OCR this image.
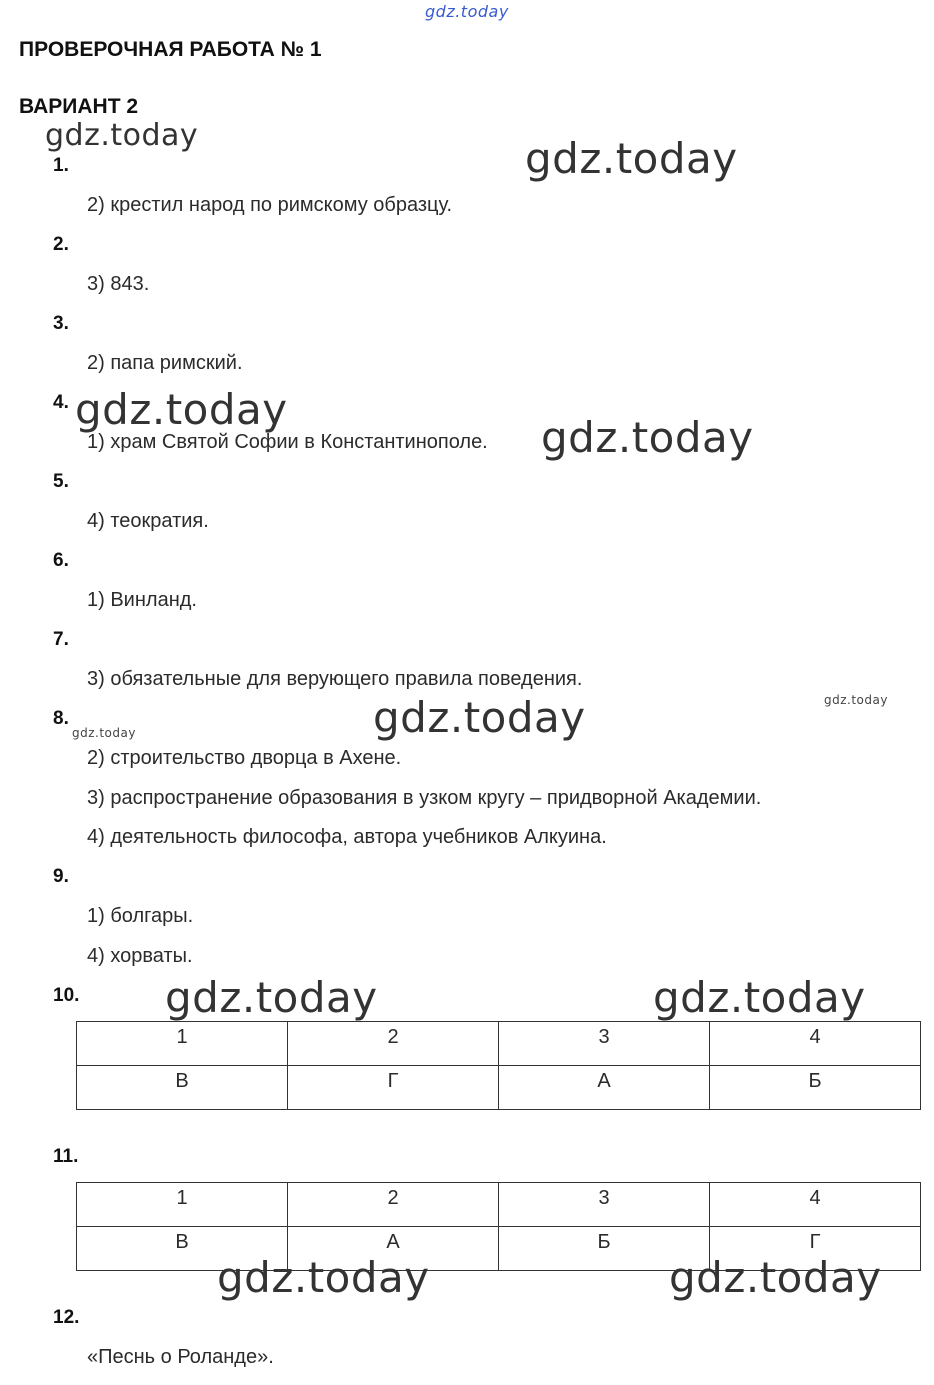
ПРОВЕРОЧНАЯ РАБОТА № 1
ВАРИАНТ 2
1.
2) крестил народ по римскому образцу.
2.
3) 843.
3.
2) папа римский.
4.
1) храм Святой Софии в Константинополе.
5.
4) теократия.
6.
1) Винланд.
7.
3) обязательные для верующего правила поведения.
8.
2) строительство дворца в Ахене.
3) распространение образования в узком кругу – придворной Академии.
4) деятельность философа, автора учебников Алкуина.
9.
1) болгары.
4) хорваты.
10.
1	2	3	4
В	Г	А	Б
11.
1	2	3	4
В	А	Б	Г
12.
«Песнь о Роланде».
gdz.today
gdz.today	gdz.today
gdz.today
gdz.today
gdz.today
gdz.today
gdz.today
gdz.today	gdz.today
gdz.today	gdz.today
